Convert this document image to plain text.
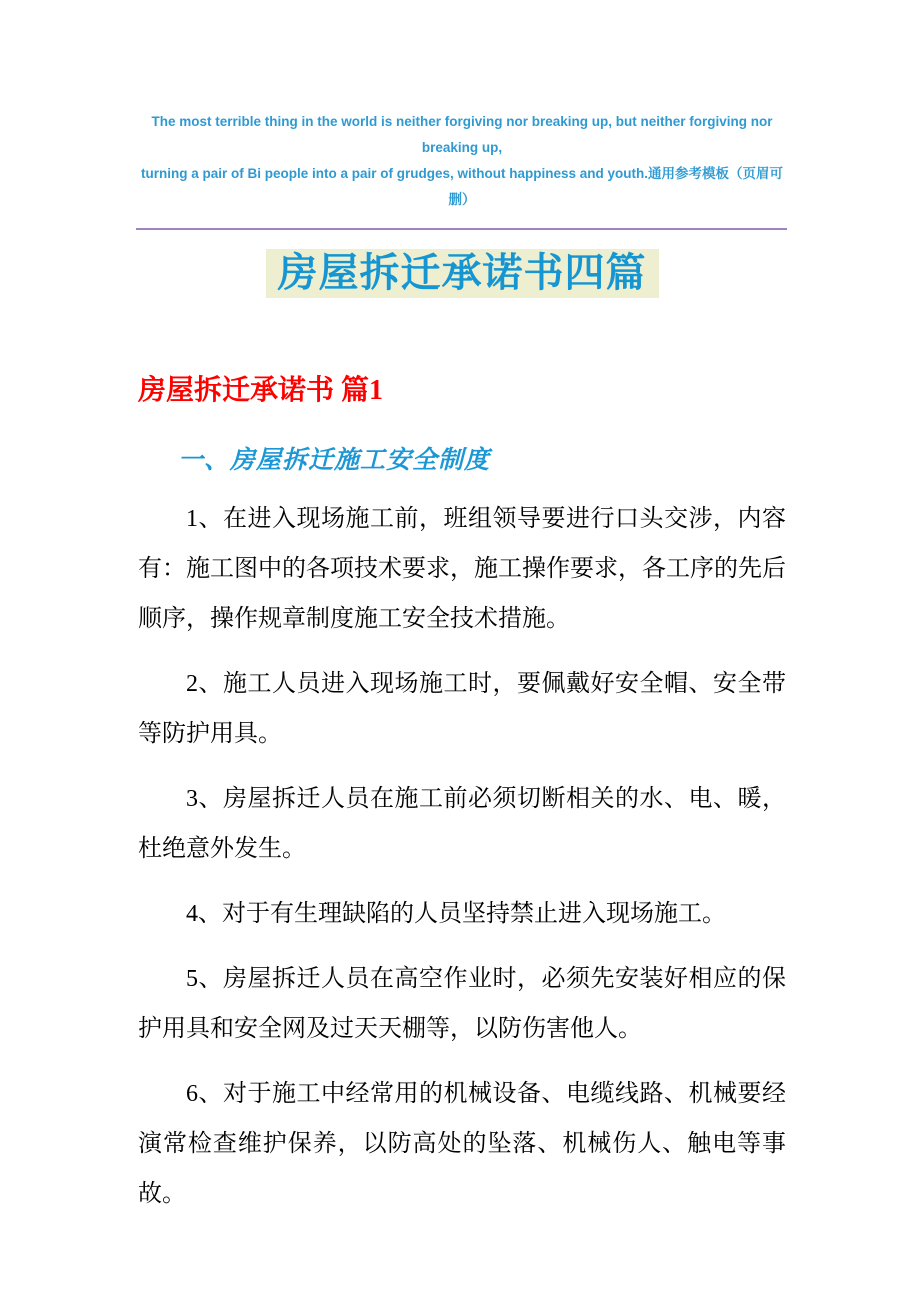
The most terrible thing in the world is neither forgiving nor breaking up, but neither forgiving nor breaking up,
turning a pair of Bi people into a pair of grudges, without happiness and youth.通用参考模板（页眉可删）
房屋拆迁承诺书四篇
房屋拆迁承诺书 篇1
一、房屋拆迁施工安全制度

1、在进入现场施工前，班组领导要进行口头交涉，内容有：施工图中的各项技术要求，施工操作要求，各工序的先后顺序，操作规章制度施工安全技术措施。

2、施工人员进入现场施工时，要佩戴好安全帽、安全带等防护用具。

3、房屋拆迁人员在施工前必须切断相关的水、电、暖，杜绝意外发生。

4、对于有生理缺陷的人员坚持禁止进入现场施工。

5、房屋拆迁人员在高空作业时，必须先安装好相应的保护用具和安全网及过天天棚等，以防伤害他人。

6、对于施工中经常用的机械设备、电缆线路、机械要经演常检查维护保养，以防高处的坠落、机械伤人、触电等事故。
